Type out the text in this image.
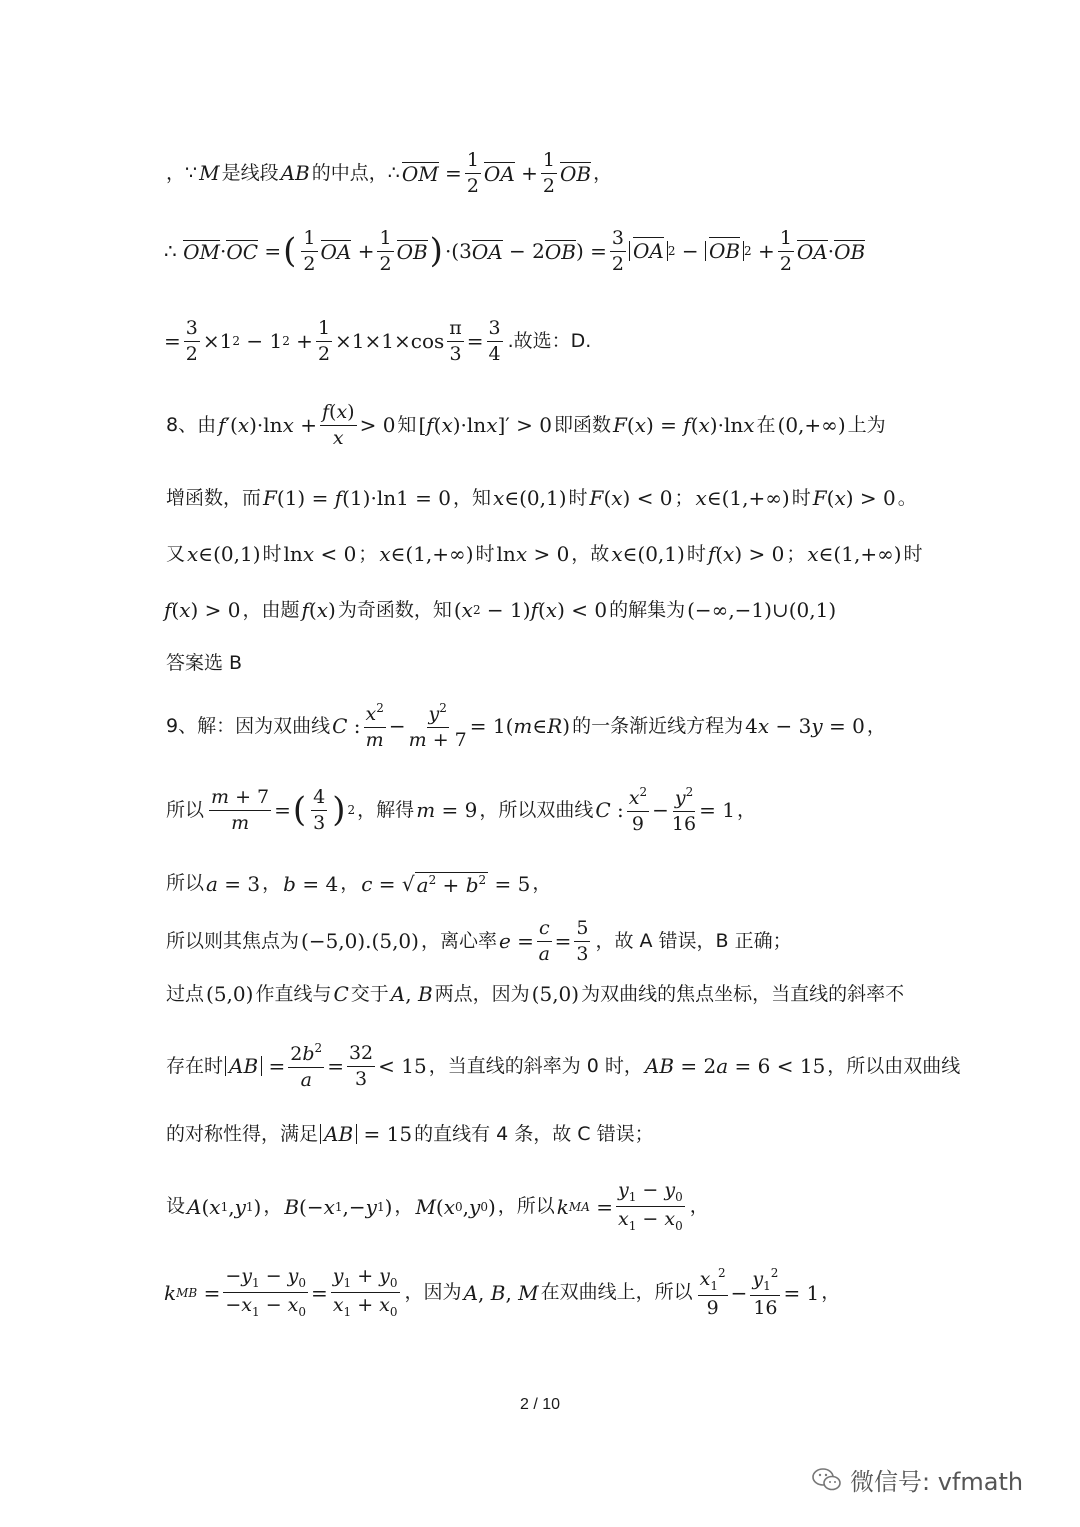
，∵ M 是线段 AB 的中点，∴ OM = $\frac{1}{2}$ OA + $\frac{1}{2}$ OB ，
∴ OM · OC = ( $\frac{1}{2}$ OA + $\frac{1}{2}$ OB ) ·(3 OA − 2 OB ) = $\frac{3}{2}$ OA 2 − OB $2 + \frac{1}{2}$ OA · OB
= $\frac{3}{2} \times 1$ 2 − 1 $2 + \frac{1}{2} \times 1\times 1\times\cos \frac{\pi}{3} = \frac{3}{4}$ .故选：D.
8、由 f ′( x )·ln $x + \frac{f(x)}{x} > 0$ 知 [ f ( x )·ln x ]′ > 0 即函数 F ( x ) = f ( x )·ln x 在 (0,+∞) 上为
增函数，而 F (1) = f (1)·ln1 = 0 ，知 x ∈(0,1) 时 F ( x ) < 0 ； x ∈(1,+∞) 时 F ( x ) > 0 。
又 x ∈(0,1) 时 ln x < 0 ； x ∈(1,+∞) 时 ln x > 0 ，故 x ∈(0,1) 时 f ( x ) > 0 ； x ∈(1,+∞) 时
f ( x ) > 0 ，由题 f ( x ) 为奇函数，知 ( x 2 − 1) f ( x ) < 0 的解集为 (−∞,−1)∪(0,1)
答案选 B
9、解：因为双曲线 C : $\frac{x^2}{m} - \frac{y^2}{m + 7} = 1$( m ∈ R ) 的一条渐近线方程为 4 x − 3 y = 0 ，
所以 $\frac{m + 7}{m}$ = ( $\frac{4}{3}$ ) 2 ，解得 m = 9 ，所以双曲线 C : $\frac{x^2}{9} - \frac{y^2}{16} = 1$ ，
所以 a = 3 ， b = 4 ， c = √ $a^2 + b^2 = 5$ ，
所以则其焦点为 (−5,0).(5,0) ，离心率 $e = \frac{c}{a} = \frac{5}{3}$ ，故 A 错误，B 正确；
过点 (5,0) 作直线与 C 交于 A , B 两点，因为 (5,0) 为双曲线的焦点坐标，当直线的斜率不
存在时 AB = $\frac{2b^2}{a} = \frac{32}{3} < 15$ ，当直线的斜率为 0 时， AB = 2 a = 6 < 15 ，所以由双曲线
的对称性得，满足 AB = 15 的直线有 4 条，故 C 错误；
设 A ( x 1 , y 1 ) ， B (− x 1 ,− y 1 ) ， M ( x 0 , y 0 ) ，所以 k MA = $\frac{y_1 - y_0}{x_1 - x_0}$ ，
k MB = $\frac{-y_1 - y_0}{-x_1 - x_0} = \frac{y_1 + y_0}{x_1 + x_0}$ ，因为 A , B , M 在双曲线上，所以 $\frac{x_1^2}{9} - \frac{y_1^2}{16} = 1$ ，
2 / 10
微信号: vfmath
